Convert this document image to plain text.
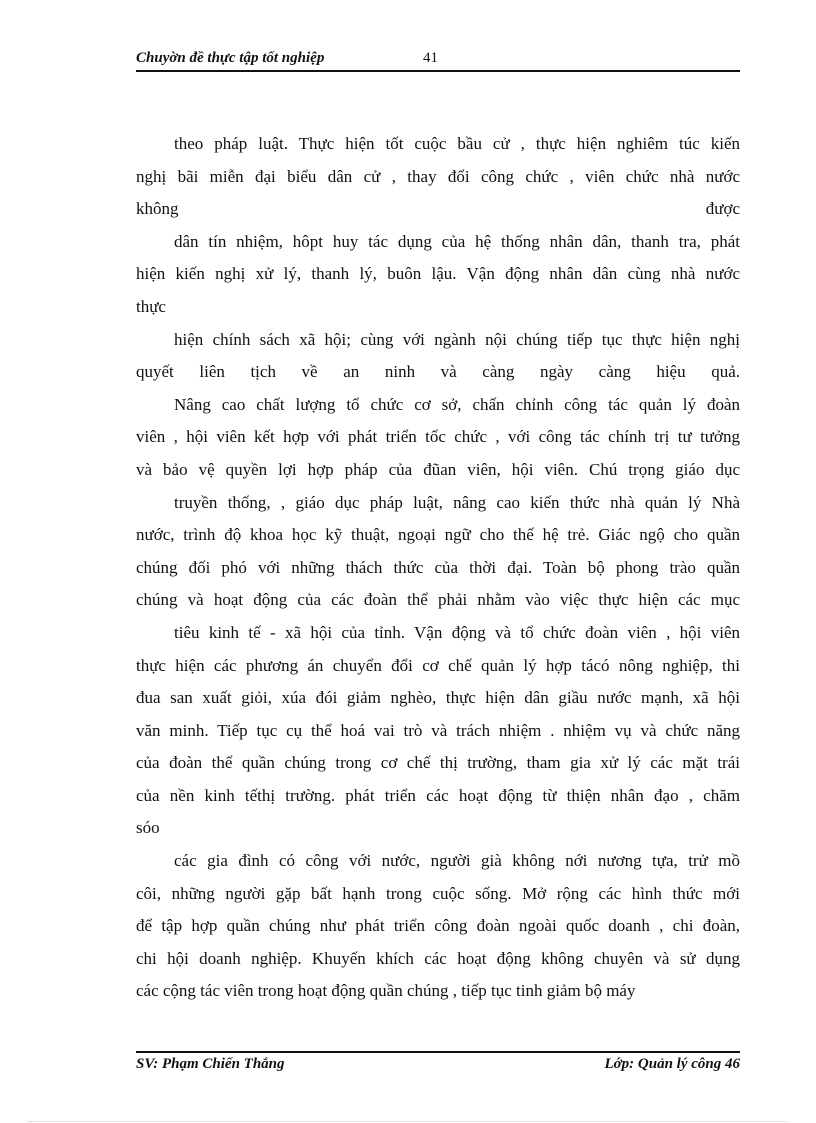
Chuyờn đề thực tập tốt nghiệp	41
theo pháp luật. Thực hiện tốt cuộc bầu cử , thực hiện nghiêm túc kiến
nghị bãi miễn đại biểu dân cử , thay đổi công chức , viên chức nhà nước
không được
dân tín nhiệm, hôpt huy tác dụng của hệ thống nhân dân, thanh tra, phát
hiện kiến nghị xử lý, thanh lý, buôn lậu. Vận động nhân dân cùng nhà nước
thực
hiện chính sách xã hội; cùng với ngành nội chúng tiếp tục thực hiện nghị
quyết liên tịch về an ninh và càng ngày càng hiệu quả.
Nâng cao chất lượng tổ chức cơ sở, chấn chỉnh công tác quản lý đoàn
viên , hội viên kết hợp với phát triển tốc chức , với công tác chính trị tư tưởng
và bảo vệ quyền lợi hợp pháp của đũan viên, hội viên. Chú trọng giáo dục
truyền thống, , giáo dục pháp luật, nâng cao kiến thức nhà quản lý Nhà
nước, trình độ khoa học kỹ thuật, ngoại ngữ cho thế hệ trẻ. Giác ngộ cho quần
chúng đối phó với những thách thức của thời đại. Toàn bộ phong trào quần
chúng và hoạt động của các đoàn thể phải nhằm vào việc thực hiện các mục
tiêu kinh tế - xã hội của tỉnh. Vận động và tổ chức đoàn viên , hội viên
thực hiện các phương án chuyển đổi cơ chế quản lý hợp tácó nông nghiệp, thi
đua san xuất giỏi, xúa đói giảm nghèo, thực hiện dân giầu nước mạnh, xã hội
văn minh. Tiếp tục cụ thể hoá vai trò và trách nhiệm . nhiệm vụ và chức năng
của đoàn thể quần chúng trong cơ chế thị trường, tham gia xử lý các mặt trái
của nền kinh tếthị trường. phát triển các hoạt động từ thiện nhân đạo , chăm
sóo
các gia đình có công với nước, người già không nới nương tựa, trử mồ
côi, những người gặp bất hạnh trong cuộc sống. Mở rộng các hình thức mới
để tập hợp quần chúng như phát triển công đoàn ngoài quốc doanh , chi đoàn,
chi hội doanh nghiệp. Khuyến khích các hoạt động không chuyên và sử dụng
các cộng tác viên trong hoạt động quần chúng , tiếp tục tinh giảm bộ máy
SV: Phạm Chiến Thắng	Lớp: Quản lý công 46
